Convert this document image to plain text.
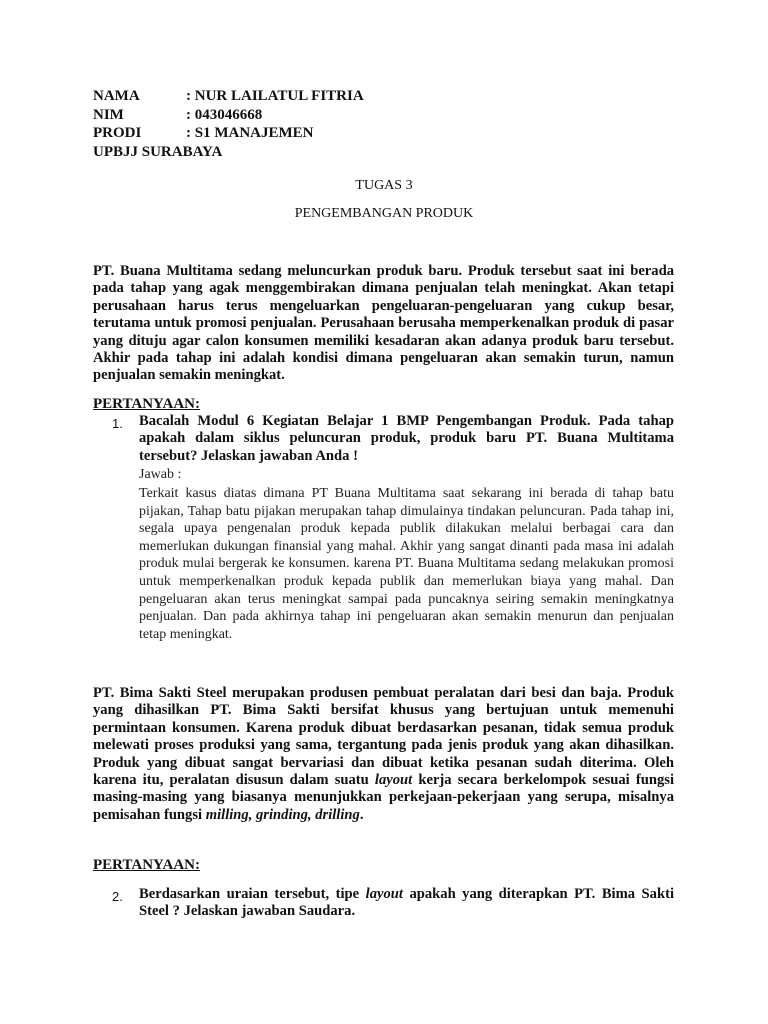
NAMA	: NUR LAILATUL FITRIA
NIM	: 043046668
PRODI	: S1 MANAJEMEN
UPBJJ SURABAYA
TUGAS 3
PENGEMBANGAN PRODUK

PT. Buana Multitama sedang meluncurkan produk baru. Produk tersebut saat ini berada pada tahap yang agak menggembirakan dimana penjualan telah meningkat. Akan tetapi perusahaan harus terus mengeluarkan pengeluaran-pengeluaran yang cukup besar, terutama untuk promosi penjualan. Perusahaan berusaha memperkenalkan produk di pasar yang dituju agar calon konsumen memiliki kesadaran akan adanya produk baru tersebut. Akhir pada tahap ini adalah kondisi dimana pengeluaran akan semakin turun, namun penjualan semakin meningkat.

PERTANYAAN:

1. Bacalah Modul 6 Kegiatan Belajar 1 BMP Pengembangan Produk. Pada tahap apakah dalam siklus peluncuran produk, produk baru PT. Buana Multitama tersebut? Jelaskan jawaban Anda !

Jawab :

Terkait kasus diatas dimana PT Buana Multitama saat sekarang ini berada di tahap batu pijakan, Tahap batu pijakan merupakan tahap dimulainya tindakan peluncuran. Pada tahap ini, segala upaya pengenalan produk kepada publik dilakukan melalui berbagai cara dan memerlukan dukungan finansial yang mahal. Akhir yang sangat dinanti pada masa ini adalah produk mulai bergerak ke konsumen. karena PT. Buana Multitama sedang melakukan promosi untuk memperkenalkan produk kepada publik dan memerlukan biaya yang mahal. Dan pengeluaran akan terus meningkat sampai pada puncaknya seiring semakin meningkatnya penjualan. Dan pada akhirnya tahap ini pengeluaran akan semakin menurun dan penjualan tetap meningkat.

PT. Bima Sakti Steel merupakan produsen pembuat peralatan dari besi dan baja. Produk yang dihasilkan PT. Bima Sakti bersifat khusus yang bertujuan untuk memenuhi permintaan konsumen. Karena produk dibuat berdasarkan pesanan, tidak semua produk melewati proses produksi yang sama, tergantung pada jenis produk yang akan dihasilkan. Produk yang dibuat sangat bervariasi dan dibuat ketika pesanan sudah diterima. Oleh karena itu, peralatan disusun dalam suatu layout kerja secara berkelompok sesuai fungsi masing-masing yang biasanya menunjukkan perkejaan-pekerjaan yang serupa, misalnya pemisahan fungsi milling, grinding, drilling.

PERTANYAAN:

2. Berdasarkan uraian tersebut, tipe layout apakah yang diterapkan PT. Bima Sakti Steel ? Jelaskan jawaban Saudara.
